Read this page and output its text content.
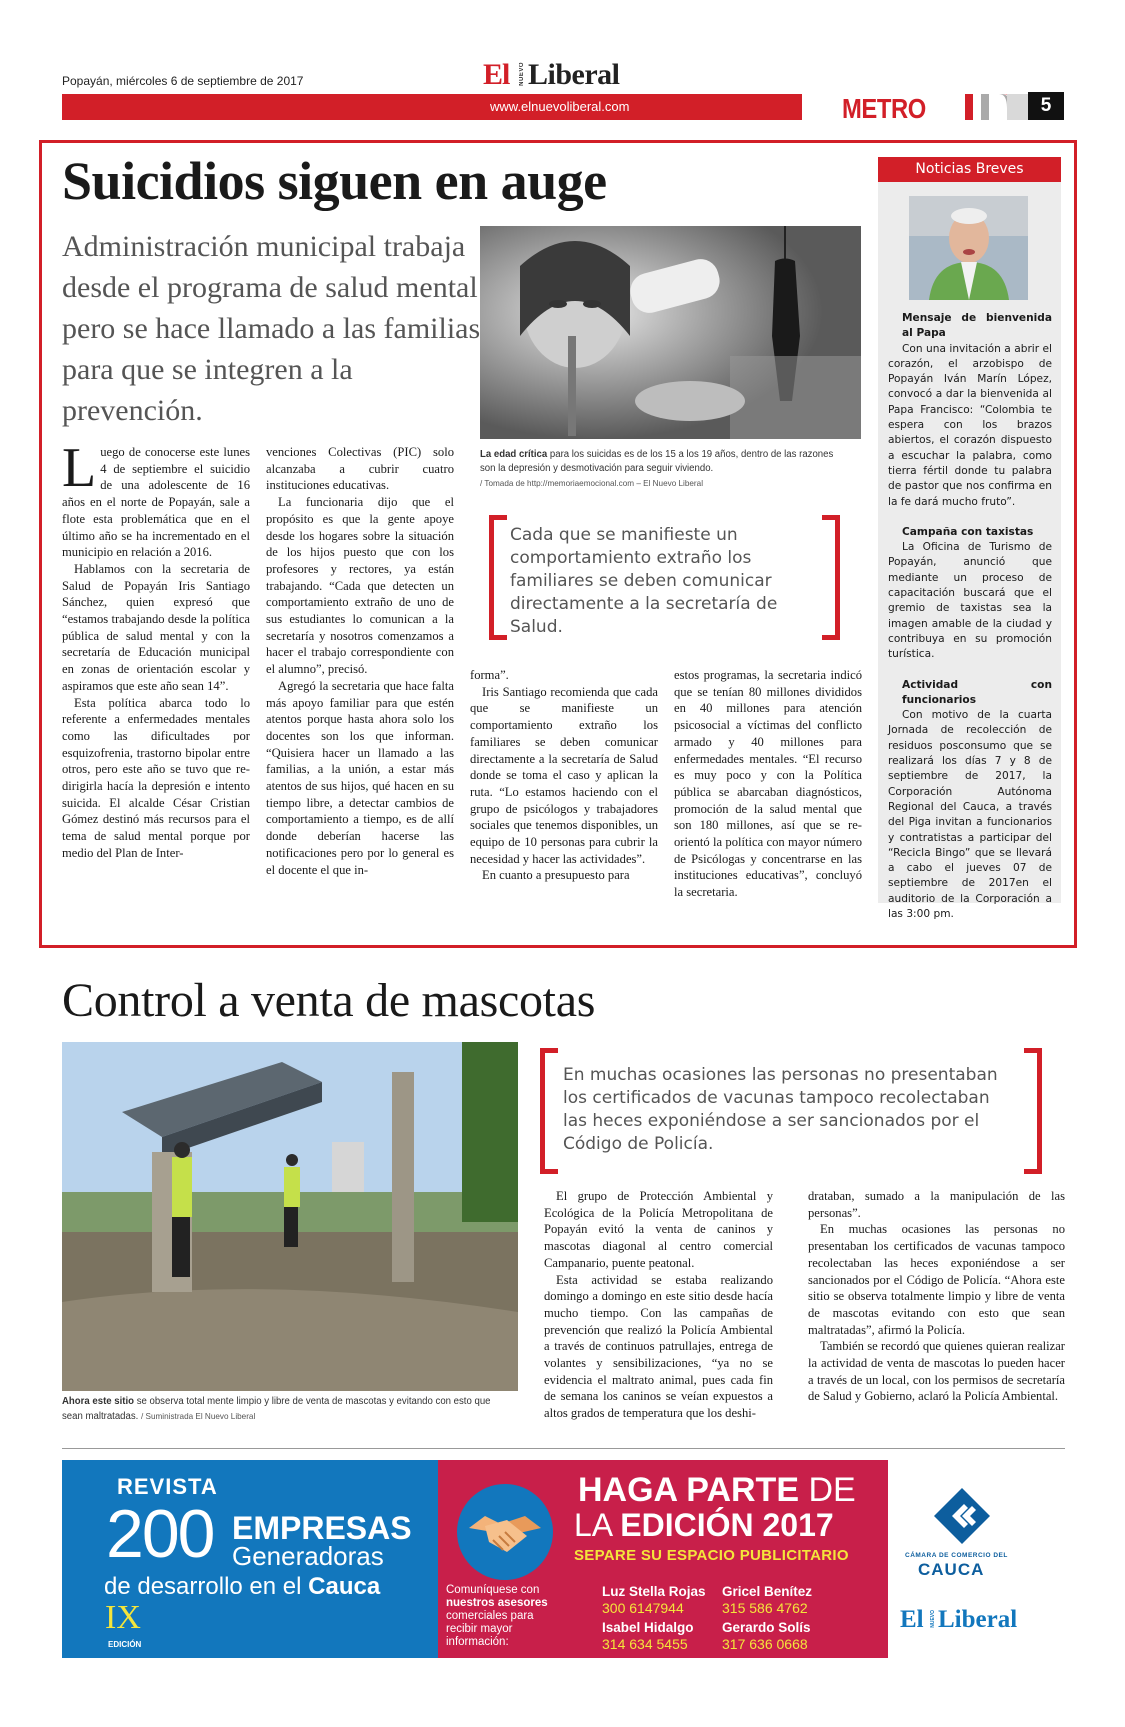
Popayán, miércoles 6 de septiembre de 2017	El NUEVO Liberal
www.elnuevoliberal.com	METRO	5
Suicidios siguen en auge
Administración municipal trabaja desde el programa de salud mental pero se hace llamado a las familias para que se integren a la prevención.

Luego de conocerse este lunes 4 de septiembre el suicidio de una adolescente de 16 años en el norte de Popayán, sale a flote esta problemática que en el último año se ha incrementado en el municipio en relación a 2016.

Hablamos con la secretaria de Salud de Popayán Iris Santiago Sánchez, quien expresó que “estamos trabajando desde la política pública de salud mental y con la secretaría de Educación municipal en zonas de orientación escolar y aspiramos que este año sean 14”.

Esta política abarca todo lo referente a enfermedades mentales como las dificultades por esquizofrenia, trastorno bipolar entre otros, pero este año se tuvo que re-dirigirla hacía la depresión e intento suicida. El alcalde César Cristian Gómez destinó más recursos para el tema de salud mental porque por medio del Plan de Inter-

venciones Colectivas (PIC) solo alcanzaba a cubrir cuatro instituciones educativas.

La funcionaria dijo que el propósito es que la gente apoye desde los hogares sobre la situación de los hijos puesto que con los profesores y rectores, ya están trabajando. “Cada que detecten un comportamiento extraño de uno de sus estudiantes lo comunican a la secretaría y nosotros comenzamos a hacer el trabajo correspondiente con el alumno”, precisó.

Agregó la secretaria que hace falta más apoyo familiar para que estén atentos porque hasta ahora solo los docentes son los que informan. “Quisiera hacer un llamado a las familias, a la unión, a estar más atentos de sus hijos, qué hacen en su tiempo libre, a detectar cambios de comportamiento a tiempo, es de allí donde deberían hacerse las notificaciones pero por lo general es el docente el que in-

forma”.

Iris Santiago recomienda que cada que se manifieste un comportamiento extraño los familiares se deben comunicar directamente a la secretaría de Salud donde se toma el caso y aplican la ruta. “Lo estamos haciendo con el grupo de psicólogos y trabajadores sociales que tenemos disponibles, un equipo de 10 personas para cubrir la necesidad y hacer las actividades”.

En cuanto a presupuesto para

estos programas, la secretaria indicó que se tenían 80 millones divididos en 40 millones para atención psicosocial a víctimas del conflicto armado y 40 millones para enfermedades mentales. “El recurso es muy poco y con la Política pública se abarcaban diagnósticos, promoción de la salud mental que son 180 millones, así que se re-orientó la política con mayor número de Psicólogas y concentrarse en las instituciones educativas”, concluyó la secretaria.

La edad crítica para los suicidas es de los 15 a los 19 años, dentro de las razones son la depresión y desmotivación para seguir viviendo.
/ Tomada de http://memoriaemocional.com – El Nuevo Liberal
Cada que se manifieste un comportamiento extraño los familiares se deben comunicar directamente a la secretaría de Salud.
Noticias Breves
Mensaje de bienvenida al Papa

Con una invitación a abrir el corazón, el arzobispo de Popayán Iván Marín López, convocó a dar la bienvenida al Papa Francisco: “Colombia te espera con los brazos abiertos, el corazón dispuesto a escuchar la palabra, como tierra fértil donde tu palabra de pastor que nos confirma en la fe dará mucho fruto”.

Campaña con taxistas

La Oficina de Turismo de Popayán, anunció que mediante un proceso de capacitación buscará que el gremio de taxistas sea la imagen amable de la ciudad y contribuya en su promoción turística.

Actividad con funcionarios

Con motivo de la cuarta Jornada de recolección de residuos posconsumo que se realizará los días 7 y 8 de septiembre de 2017, la Corporación Autónoma Regional del Cauca, a través del Piga invitan a funcionarios y contratistas a participar del “Recicla Bingo” que se llevará a cabo el jueves 07 de septiembre de 2017en el auditorio de la Corporación a las 3:00 pm.

Control a venta de mascotas
Ahora este sitio se observa total mente limpio y libre de venta de mascotas y evitando con esto que sean maltratadas. / Suministrada El Nuevo Liberal
En muchas ocasiones las personas no presentaban los certificados de vacunas tampoco recolectaban las heces exponiéndose a ser sancionados por el Código de Policía.

El grupo de Protección Ambiental y Ecológica de la Policía Metropolitana de Popayán evitó la venta de caninos y mascotas diagonal al centro comercial Campanario, puente peatonal.

Esta actividad se estaba realizando domingo a domingo en este sitio desde hacía mucho tiempo. Con las campañas de prevención que realizó la Policía Ambiental a través de continuos patrullajes, entrega de volantes y sensibilizaciones, “ya no se evidencia el maltrato animal, pues cada fin de semana los caninos se veían expuestos a altos grados de temperatura que los deshi-

drataban, sumado a la manipulación de las personas”.

En muchas ocasiones las personas no presentaban los certificados de vacunas tampoco recolectaban las heces exponiéndose a ser sancionados por el Código de Policía. “Ahora este sitio se observa totalmente limpio y libre de venta de mascotas evitando con esto que sean maltratadas”, afirmó la Policía.

También se recordó que quienes quieran realizar la actividad de venta de mascotas lo pueden hacer a través de un local, con los permisos de secretaría de Salud y Gobierno, aclaró la Policía Ambiental.

REVISTA
200 EMPRESAS
Generadoras
de desarrollo en el Cauca
IX
EDICIÓN
HAGA PARTE DE
LA EDICIÓN 2017
SEPARE SU ESPACIO PUBLICITARIO
Comuníquese con nuestros asesores comerciales para recibir mayor información:
Luz Stella Rojas
300 6147944
Gricel Benítez
315 586 4762
Isabel Hidalgo
314 634 5455
Gerardo Solís
317 636 0668
CÁMARA DE COMERCIO DEL
CAUCA
El NUEVO Liberal
